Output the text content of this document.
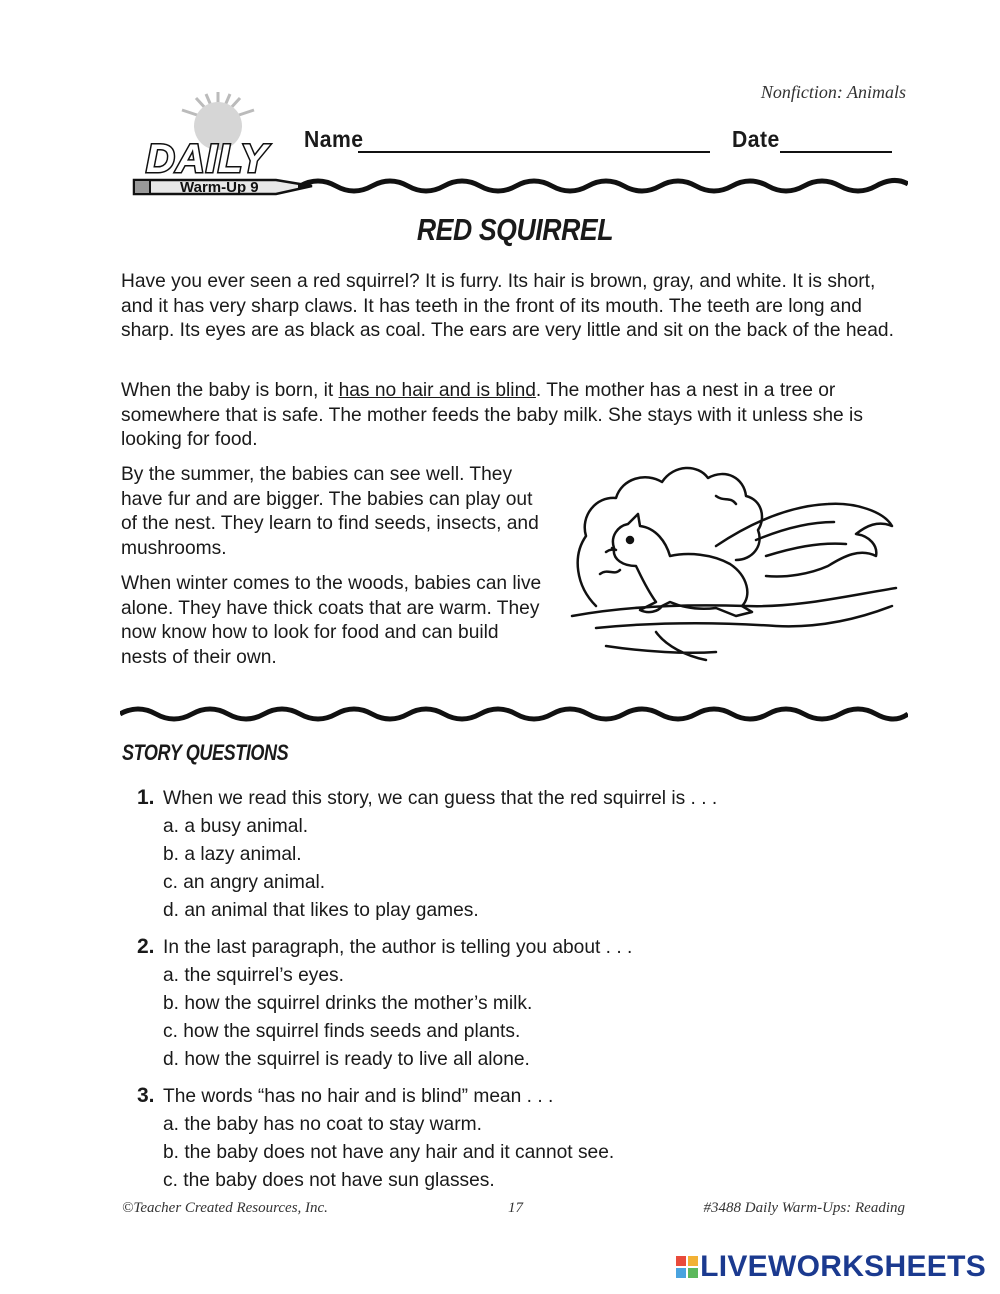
Nonfiction: Animals
Warm-Up 9
DAILY Name	Date
RED SQUIRREL

Have you ever seen a red squirrel? It is furry. Its hair is brown, gray, and white. It is short, and it has very sharp claws. It has teeth in the front of its mouth. The teeth are long and sharp. Its eyes are as black as coal. The ears are very little and sit on the back of the head.

When the baby is born, it has no hair and is blind. The mother has a nest in a tree or somewhere that is safe. The mother feeds the baby milk. She stays with it unless she is looking for food.

By the summer, the babies can see well. They have fur and are bigger. The babies can play out of the nest. They learn to find seeds, insects, and mushrooms.

When winter comes to the woods, babies can live alone. They have thick coats that are warm. They now know how to look for food and can build nests of their own.

STORY QUESTIONS
1. When we read this story, we can guess that the red squirrel is . . .
a. a busy animal.
b. a lazy animal.
c. an angry animal.
d. an animal that likes to play games.
2. In the last paragraph, the author is telling you about . . .
a. the squirrel’s eyes.
b. how the squirrel drinks the mother’s milk.
c. how the squirrel finds seeds and plants.
d. how the squirrel is ready to live all alone.
3. The words “has no hair and is blind” mean . . .
a. the baby has no coat to stay warm.
b. the baby does not have any hair and it cannot see.
c. the baby does not have sun glasses.
©Teacher Created Resources, Inc.	17	#3488 Daily Warm-Ups: Reading
LIVEWORKSHEETS
